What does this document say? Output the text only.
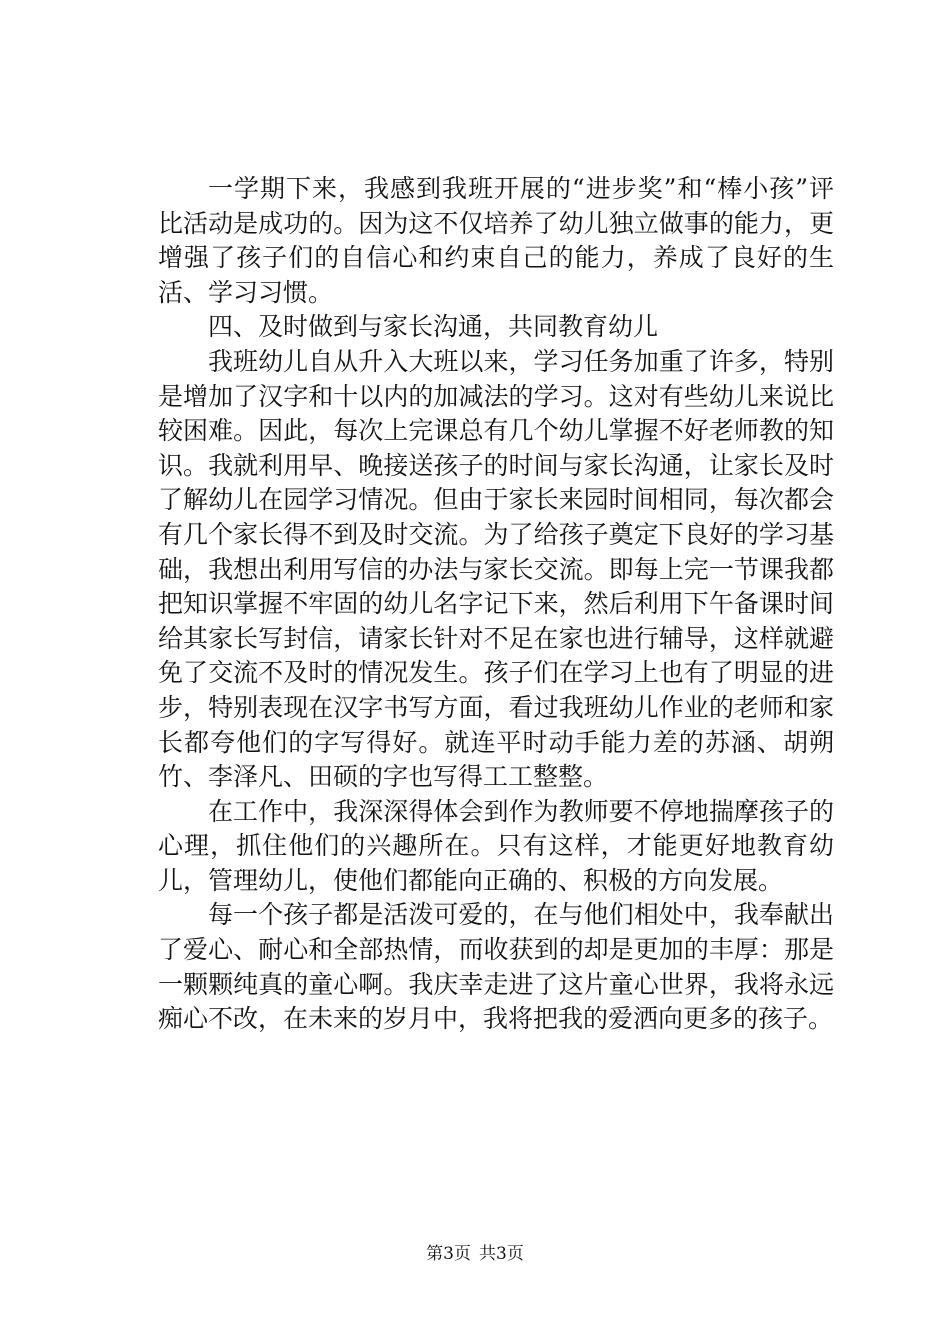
一学期下来，我感到我班开展的“进步奖”和“棒小孩”评比活动是成功的。因为这不仅培养了幼儿独立做事的能力，更增强了孩子们的自信心和约束自己的能力，养成了良好的生活、学习习惯。

四、及时做到与家长沟通，共同教育幼儿

我班幼儿自从升入大班以来，学习任务加重了许多，特别是增加了汉字和十以内的加减法的学习。这对有些幼儿来说比较困难。因此，每次上完课总有几个幼儿掌握不好老师教的知识。我就利用早、晚接送孩子的时间与家长沟通，让家长及时了解幼儿在园学习情况。但由于家长来园时间相同，每次都会有几个家长得不到及时交流。为了给孩子奠定下良好的学习基础，我想出利用写信的办法与家长交流。即每上完一节课我都把知识掌握不牢固的幼儿名字记下来，然后利用下午备课时间给其家长写封信，请家长针对不足在家也进行辅导，这样就避免了交流不及时的情况发生。孩子们在学习上也有了明显的进步，特别表现在汉字书写方面，看过我班幼儿作业的老师和家长都夸他们的字写得好。就连平时动手能力差的苏涵、胡朔竹、李泽凡、田硕的字也写得工工整整。

在工作中，我深深得体会到作为教师要不停地揣摩孩子的心理，抓住他们的兴趣所在。只有这样，才能更好地教育幼儿，管理幼儿，使他们都能向正确的、积极的方向发展。

每一个孩子都是活泼可爱的，在与他们相处中，我奉献出了爱心、耐心和全部热情，而收获到的却是更加的丰厚：那是一颗颗纯真的童心啊。我庆幸走进了这片童心世界，我将永远痴心不改，在未来的岁月中，我将把我的爱洒向更多的孩子。

第3页 共3页
